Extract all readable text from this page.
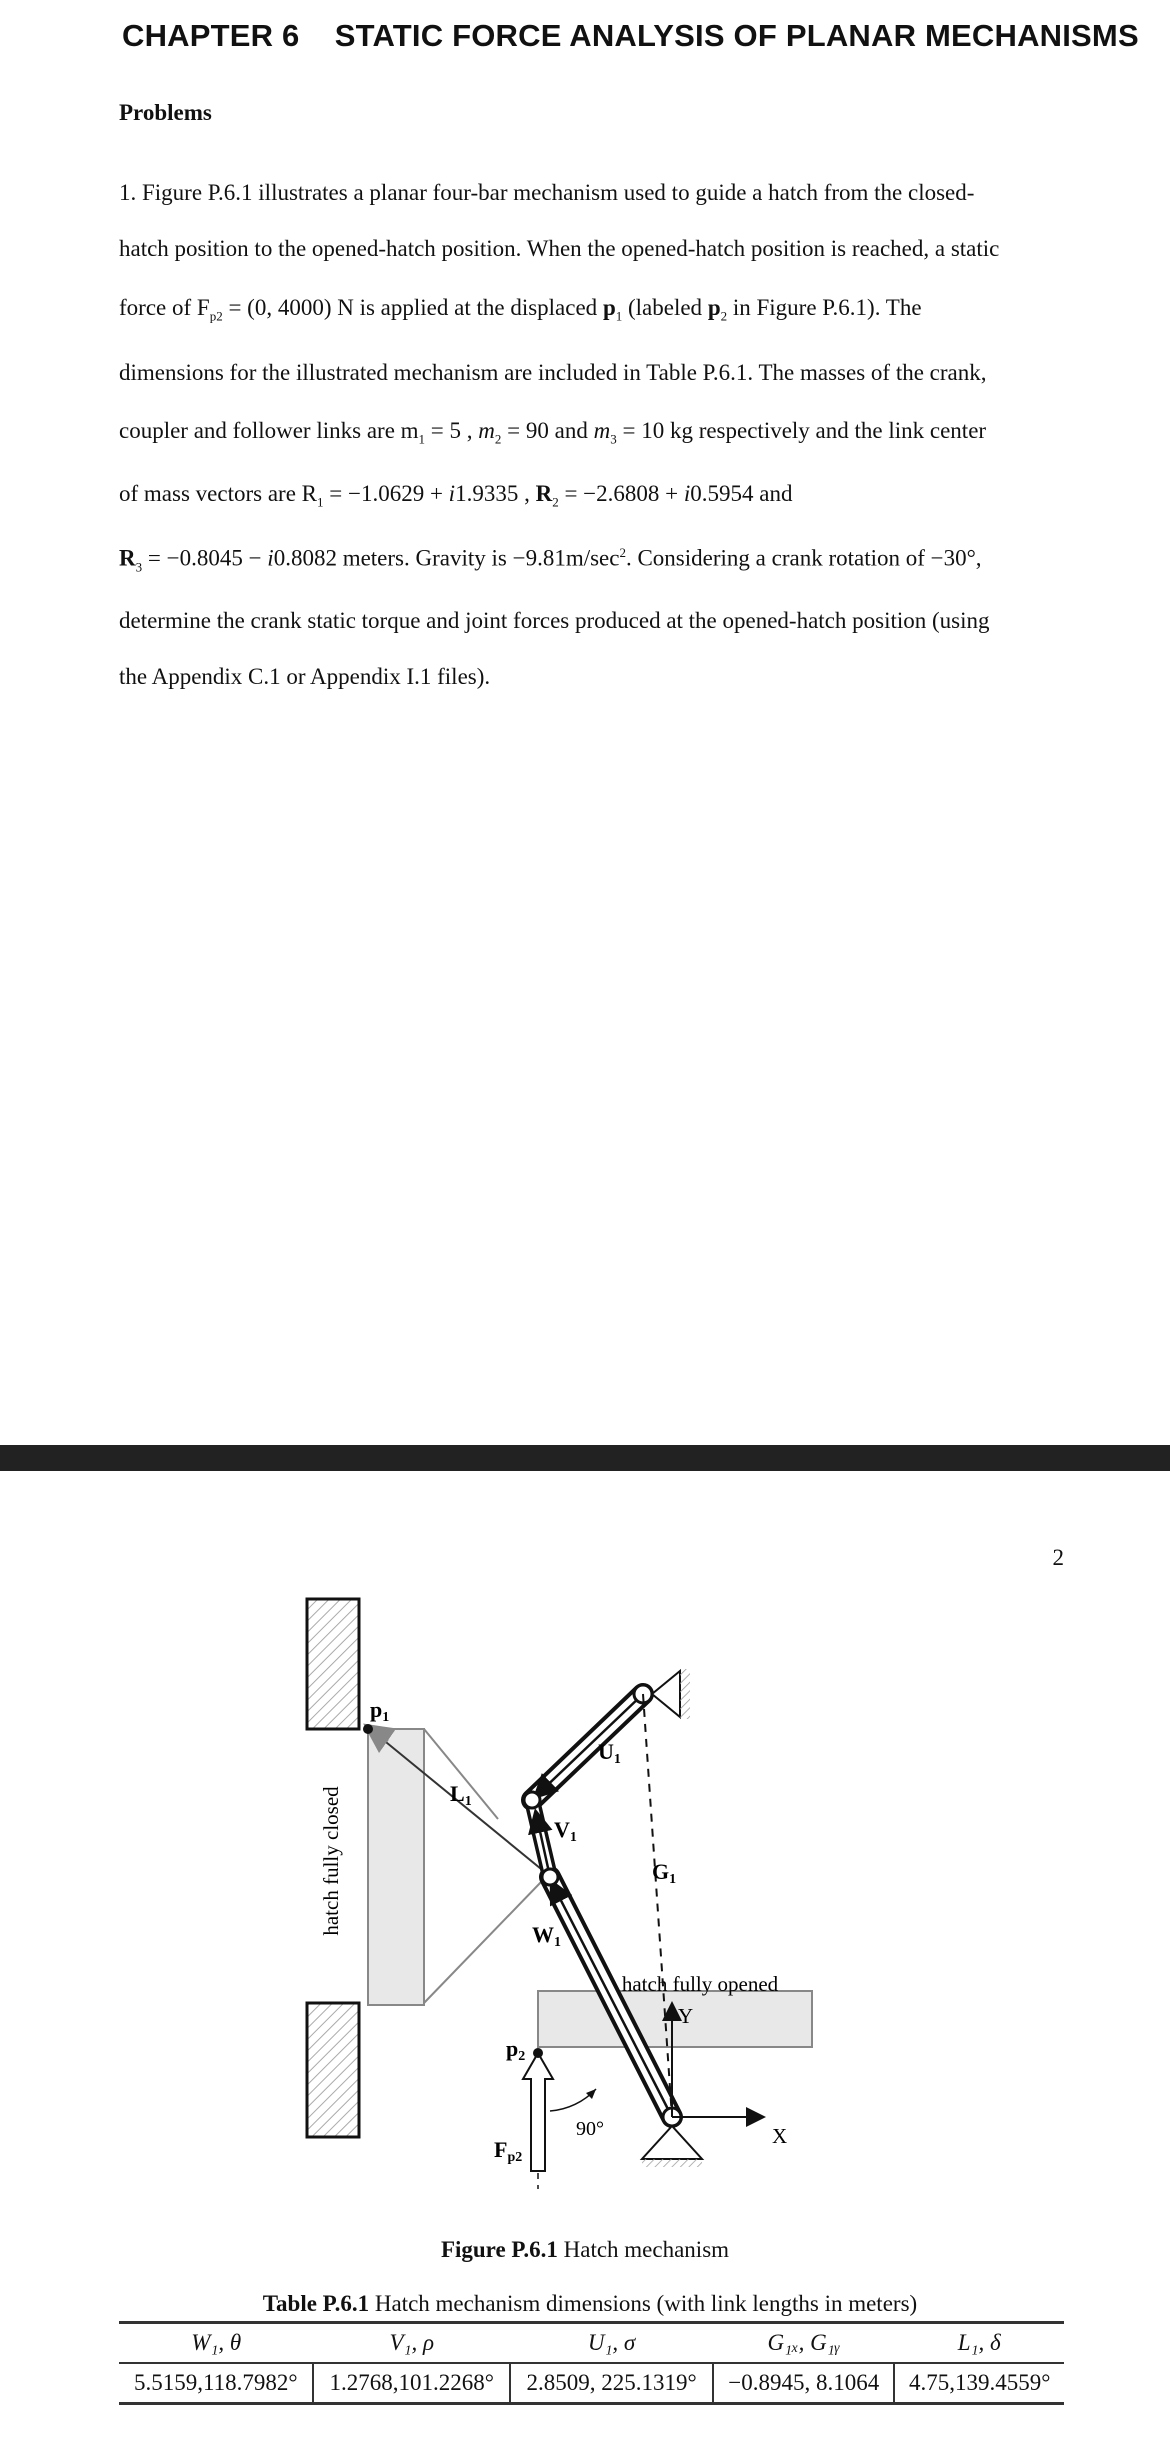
CHAPTER 6    STATIC FORCE ANALYSIS OF PLANAR MECHANISMS
Problems
1. Figure P.6.1 illustrates a planar four-bar mechanism used to guide a hatch from the closed-
hatch position to the opened-hatch position. When the opened-hatch position is reached, a static
force of $F_{p2} = (0$, 4000) N is applied at the displaced $p_1$ (labeled $p_2$ in Figure P.6.1). The
dimensions for the illustrated mechanism are included in Table P.6.1. The masses of the crank,
coupler and follower links are $m_1 = 5$ , $m_2 = 90$ and $m_3 = 10$ kg respectively and the link center
of mass vectors are $R_1 = -1.0629 + i1.9335$ , $R_2 = -2.6808 + i0.5954$ and
$R_3 = -0.8045 - i0.8082$ meters. Gravity is $-9.81m/\sec^2$. Considering a crank rotation of −30°,
determine the crank static torque and joint forces produced at the opened-hatch position (using
the Appendix C.1 or Appendix I.1 files).
2
hatch fully closed
hatch fully opened
X
Y
90°
p1
p2
L1
U1
V1
W1
G1
Fp2
Figure P.6.1 Hatch mechanism
Table P.6.1 Hatch mechanism dimensions (with link lengths in meters)
W₁, θ	V₁, ρ	U₁, σ	G₁ₓ, G₁ᵧ	L₁, δ
5.5159,118.7982°	1.2768,101.2268°	2.8509, 225.1319°	−0.8945, 8.1064	4.75,139.4559°
